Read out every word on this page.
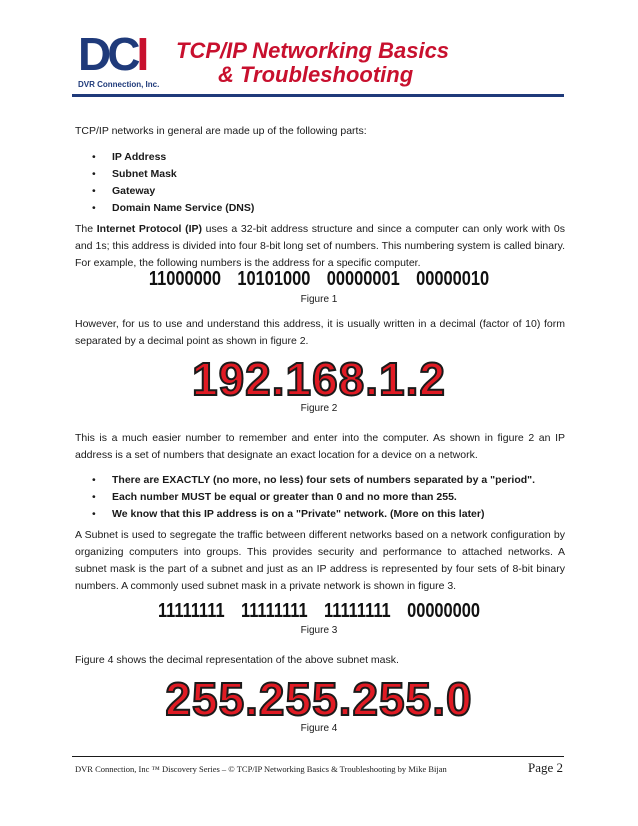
DCI
DVR Connection, Inc.
TCP/IP Networking Basics
& Troubleshooting
TCP/IP networks in general are made up of the following parts:
•	IP Address
•	Subnet Mask
•	Gateway
•	Domain Name Service (DNS)
The Internet Protocol (IP) uses a 32-bit address structure and since a computer can only work with 0s and 1s; this address is divided into four 8-bit long set of numbers. This numbering system is called binary. For example, the following numbers is the address for a specific computer.
11000000 10101000 00000001 00000010
Figure 1
However, for us to use and understand this address, it is usually written in a decimal (factor of 10) form separated by a decimal point as shown in figure 2.
192.168.1.2
Figure 2
This is a much easier number to remember and enter into the computer. As shown in figure 2 an IP address is a set of numbers that designate an exact location for a device on a network.
•	There are EXACTLY (no more, no less) four sets of numbers separated by a "period".
•	Each number MUST be equal or greater than 0 and no more than 255.
•	We know that this IP address is on a "Private" network. (More on this later)
A Subnet is used to segregate the traffic between different networks based on a network configuration by organizing computers into groups. This provides security and performance to attached networks. A subnet mask is the part of a subnet and just as an IP address is represented by four sets of 8-bit binary numbers. A commonly used subnet mask in a private network is shown in figure 3.
11111111 11111111 11111111 00000000
Figure 3
Figure 4 shows the decimal representation of the above subnet mask.
255.255.255.0
Figure 4
DVR Connection, Inc ™ Discovery Series – © TCP/IP Networking Basics & Troubleshooting by Mike Bijan	Page 2
